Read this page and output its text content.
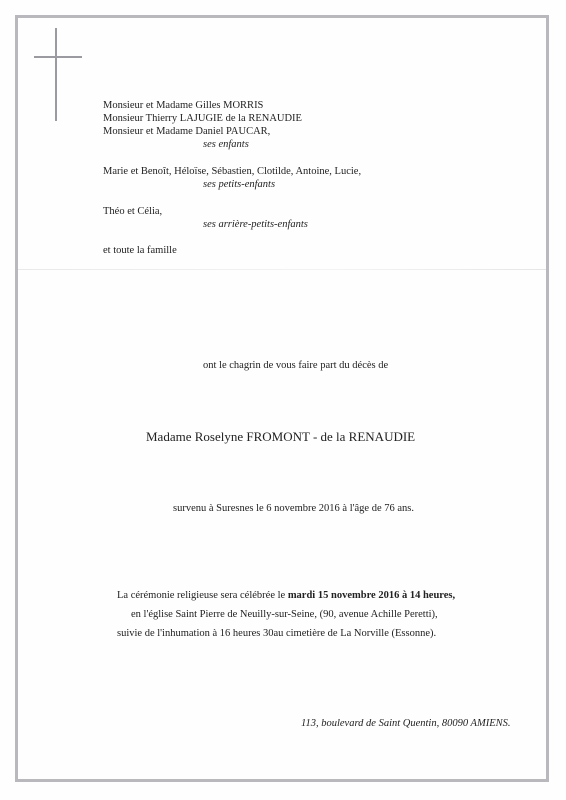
Monsieur et Madame Gilles MORRIS
Monsieur Thierry LAJUGIE de la RENAUDIE
Monsieur et Madame Daniel PAUCAR,
ses enfants
Marie et Benoît, Héloïse, Sébastien, Clotilde, Antoine, Lucie,
ses petits-enfants
Théo et Célia,
ses arrière-petits-enfants
et toute la famille
ont le chagrin de vous faire part du décès de
Madame Roselyne FROMONT - de la RENAUDIE
survenu à Suresnes le 6 novembre 2016 à l'âge de 76 ans.
La cérémonie religieuse sera célébrée le mardi 15 novembre 2016 à 14 heures,
en l'église Saint Pierre de Neuilly-sur-Seine, (90, avenue Achille Peretti),
suivie de l'inhumation à 16 heures 30au cimetière de La Norville (Essonne).
113, boulevard de Saint Quentin, 80090 AMIENS.
